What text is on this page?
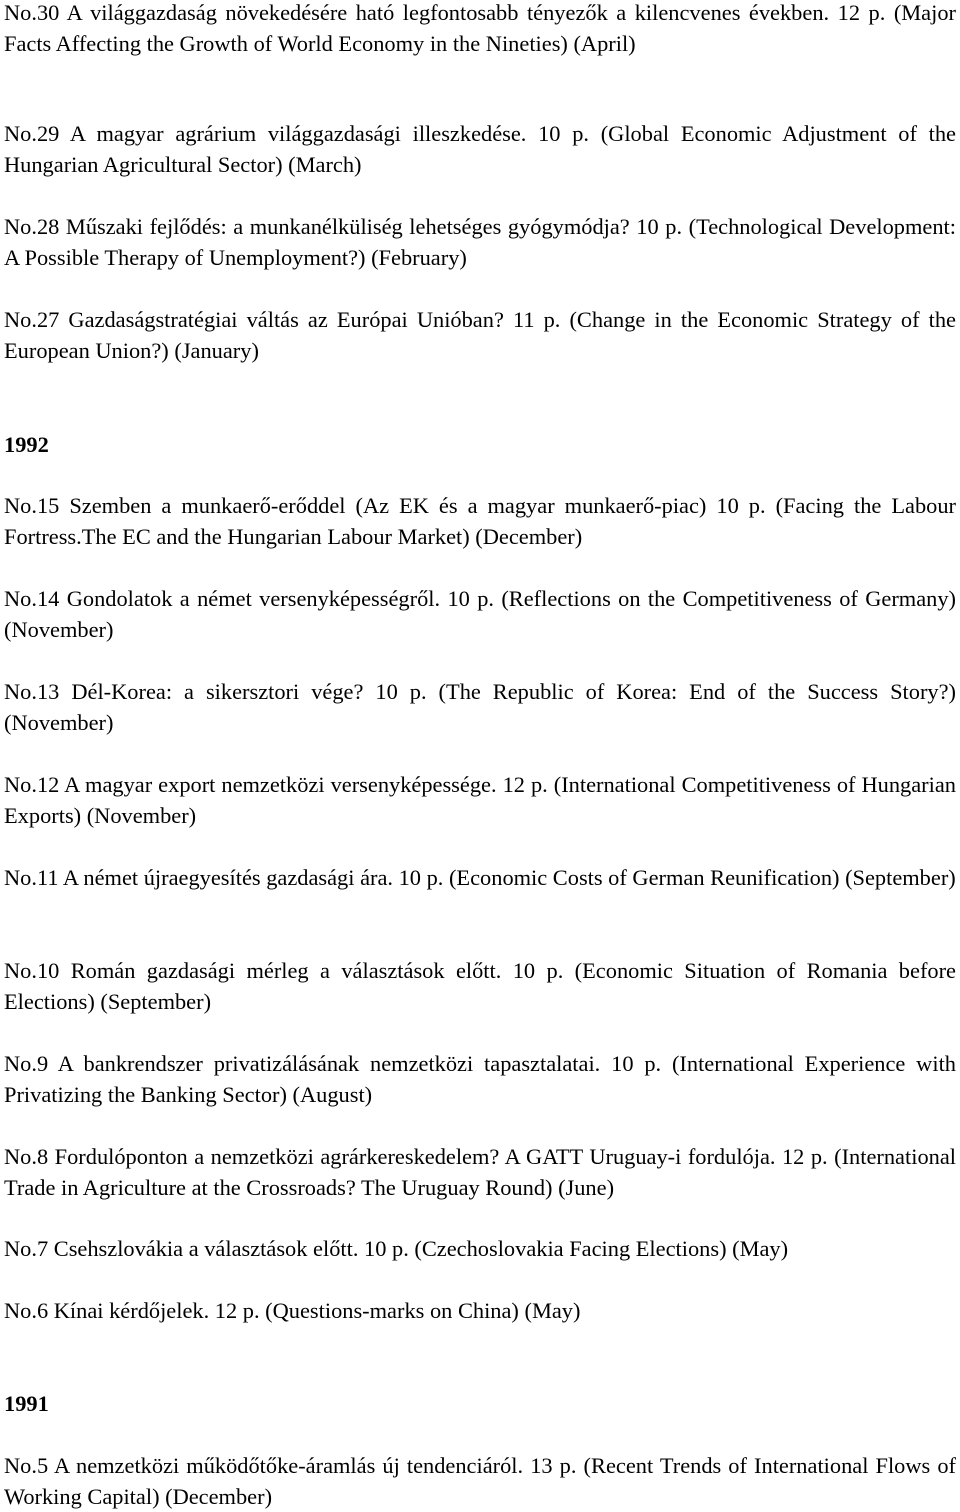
No.30 A világgazdaság növekedésére ható legfontosabb tényezők a kilencvenes években. 12 p. (Major Facts Affecting the Growth of World Economy in the Nineties) (April)

No.29 A magyar agrárium világgazdasági illeszkedése. 10 p. (Global Economic Adjustment of the Hungarian Agricultural Sector) (March)

No.28 Műszaki fejlődés: a munkanélküliség lehetséges gyógymódja? 10 p. (Technological Development: A Possible Therapy of Unemployment?) (February)

No.27 Gazdaságstratégiai váltás az Európai Unióban? 11 p. (Change in the Economic Strategy of the European Union?) (January)

1992

No.15 Szemben a munkaerő-erőddel (Az EK és a magyar munkaerő-piac) 10 p. (Facing the Labour Fortress.The EC and the Hungarian Labour Market) (December)

No.14 Gondolatok a német versenyképességről. 10 p. (Reflections on the Competitiveness of Germany) (November)

No.13 Dél-Korea: a sikersztori vége? 10 p. (The Republic of Korea: End of the Success Story?) (November)

No.12 A magyar export nemzetközi versenyképessége. 12 p. (International Competitiveness of Hungarian Exports) (November)

No.11 A német újraegyesítés gazdasági ára. 10 p. (Economic Costs of German Reunification) (September)

No.10 Román gazdasági mérleg a választások előtt. 10 p. (Economic Situation of Romania before Elections) (September)

No.9 A bankrendszer privatizálásának nemzetközi tapasztalatai. 10 p. (International Experience with Privatizing the Banking Sector) (August)

No.8 Fordulóponton a nemzetközi agrárkereskedelem? A GATT Uruguay-i fordulója. 12 p. (International Trade in Agriculture at the Crossroads? The Uruguay Round) (June)

No.7 Csehszlovákia a választások előtt. 10 p. (Czechoslovakia Facing Elections) (May)

No.6 Kínai kérdőjelek. 12 p. (Questions-marks on China) (May)

1991

No.5 A nemzetközi működőtőke-áramlás új tendenciáról. 13 p. (Recent Trends of International Flows of Working Capital) (December)
